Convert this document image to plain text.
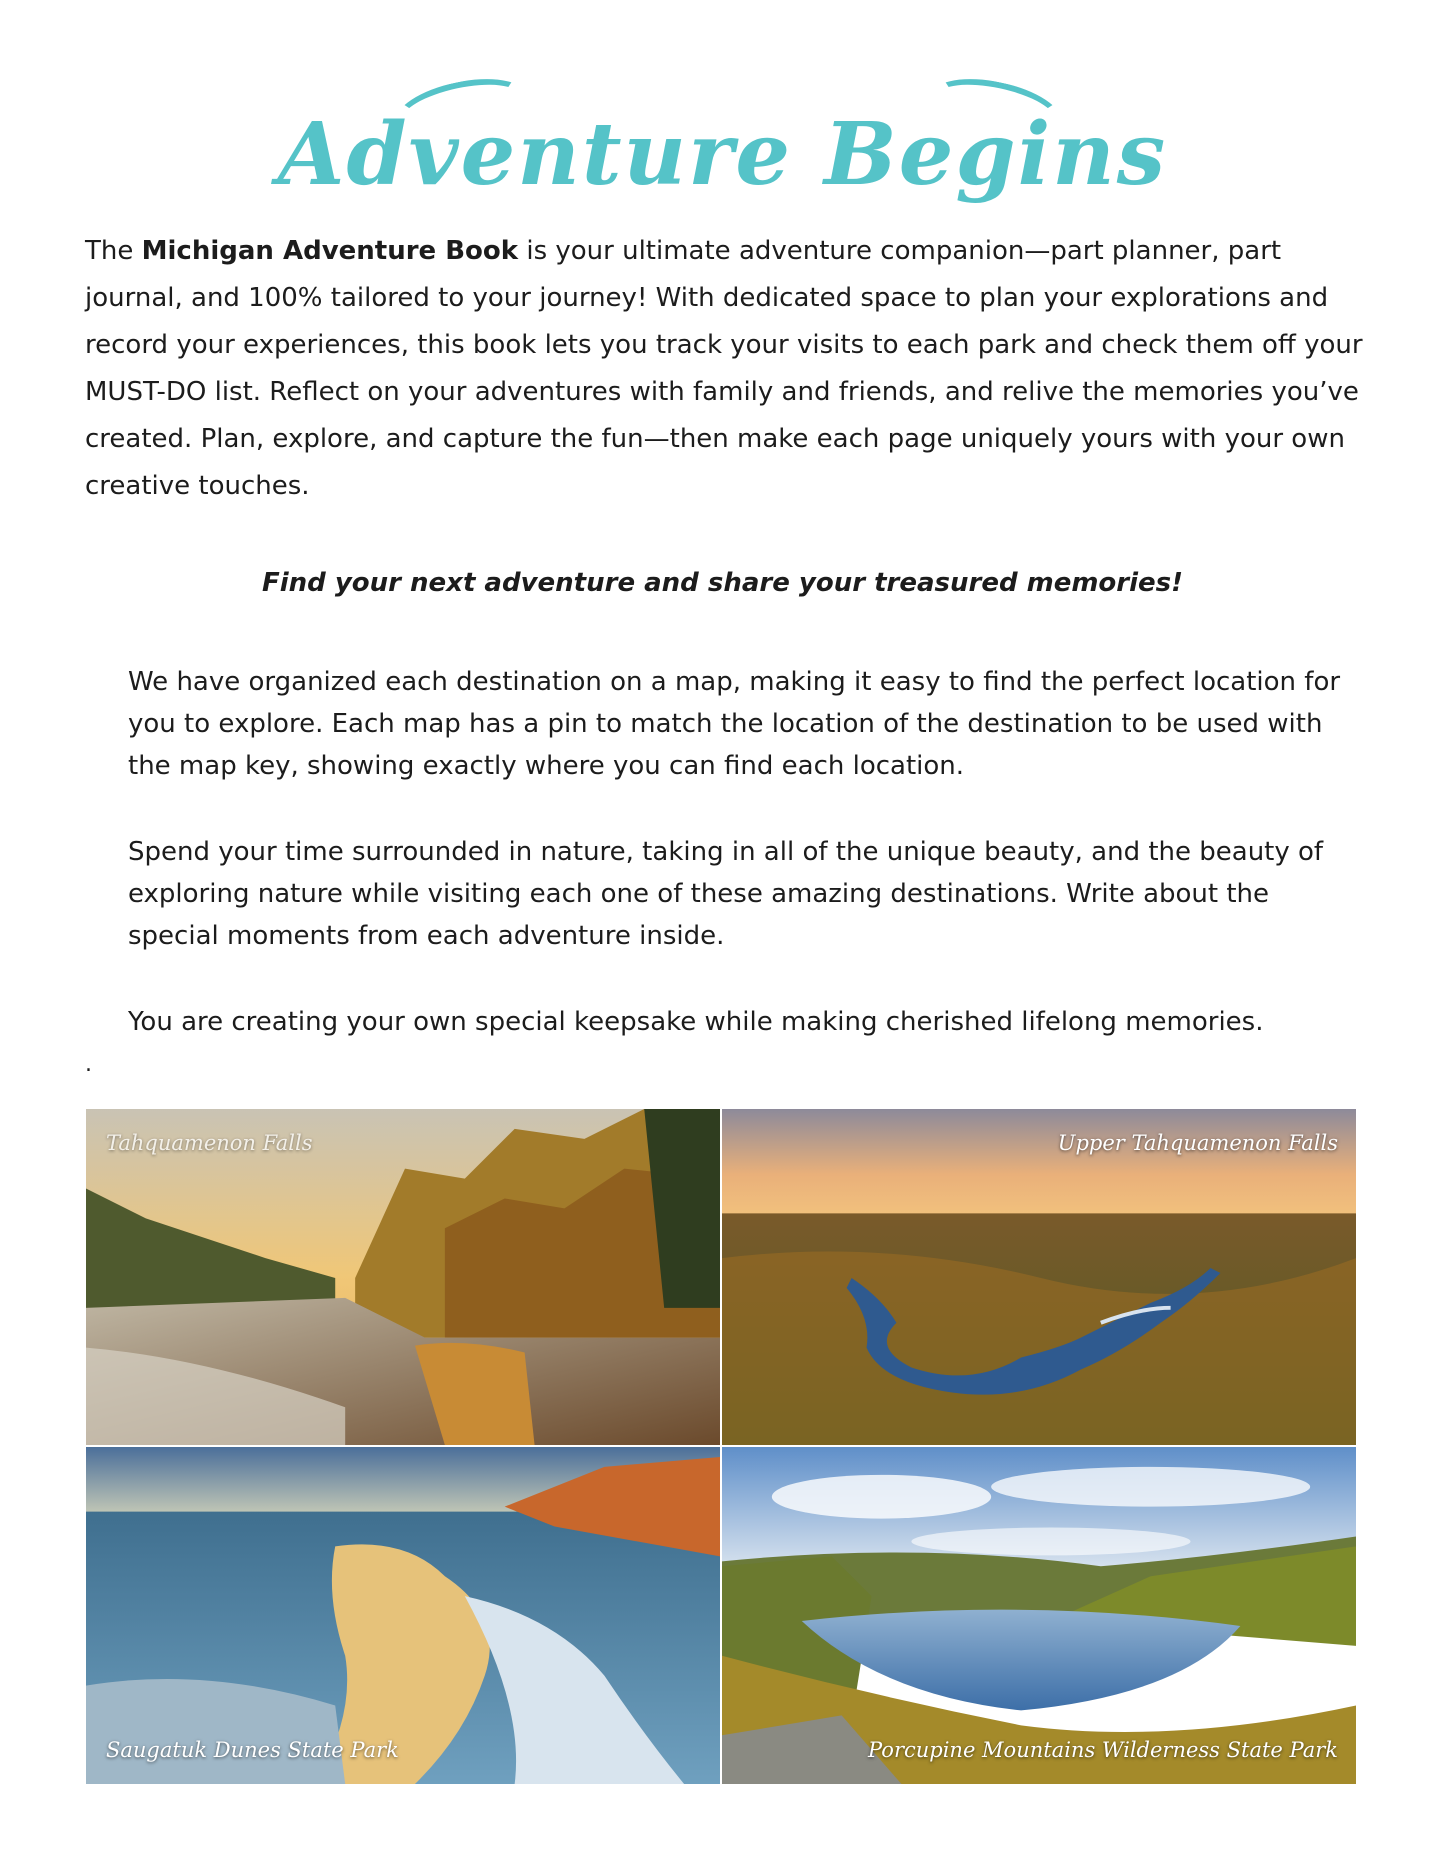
Adventure Begins

The Michigan Adventure Book is your ultimate adventure companion—part planner, part journal, and 100% tailored to your journey! With dedicated space to plan your explorations and record your experiences, this book lets you track your visits to each park and check them off your MUST-DO list. Reflect on your adventures with family and friends, and relive the memories you’ve created. Plan, explore, and capture the fun—then make each page uniquely yours with your own creative touches.

Find your next adventure and share your treasured memories!

We have organized each destination on a map, making it easy to find the perfect location for you to explore. Each map has a pin to match the location of the destination to be used with the map key, showing exactly where you can find each location.

Spend your time surrounded in nature, taking in all of the unique beauty, and the beauty of exploring nature while visiting each one of these amazing destinations. Write about the special moments from each adventure inside.

You are creating your own special keepsake while making cherished lifelong memories.

.
Tahquamenon Falls	Upper Tahquamenon Falls
Saugatuk Dunes State Park	Porcupine Mountains Wilderness State Park
